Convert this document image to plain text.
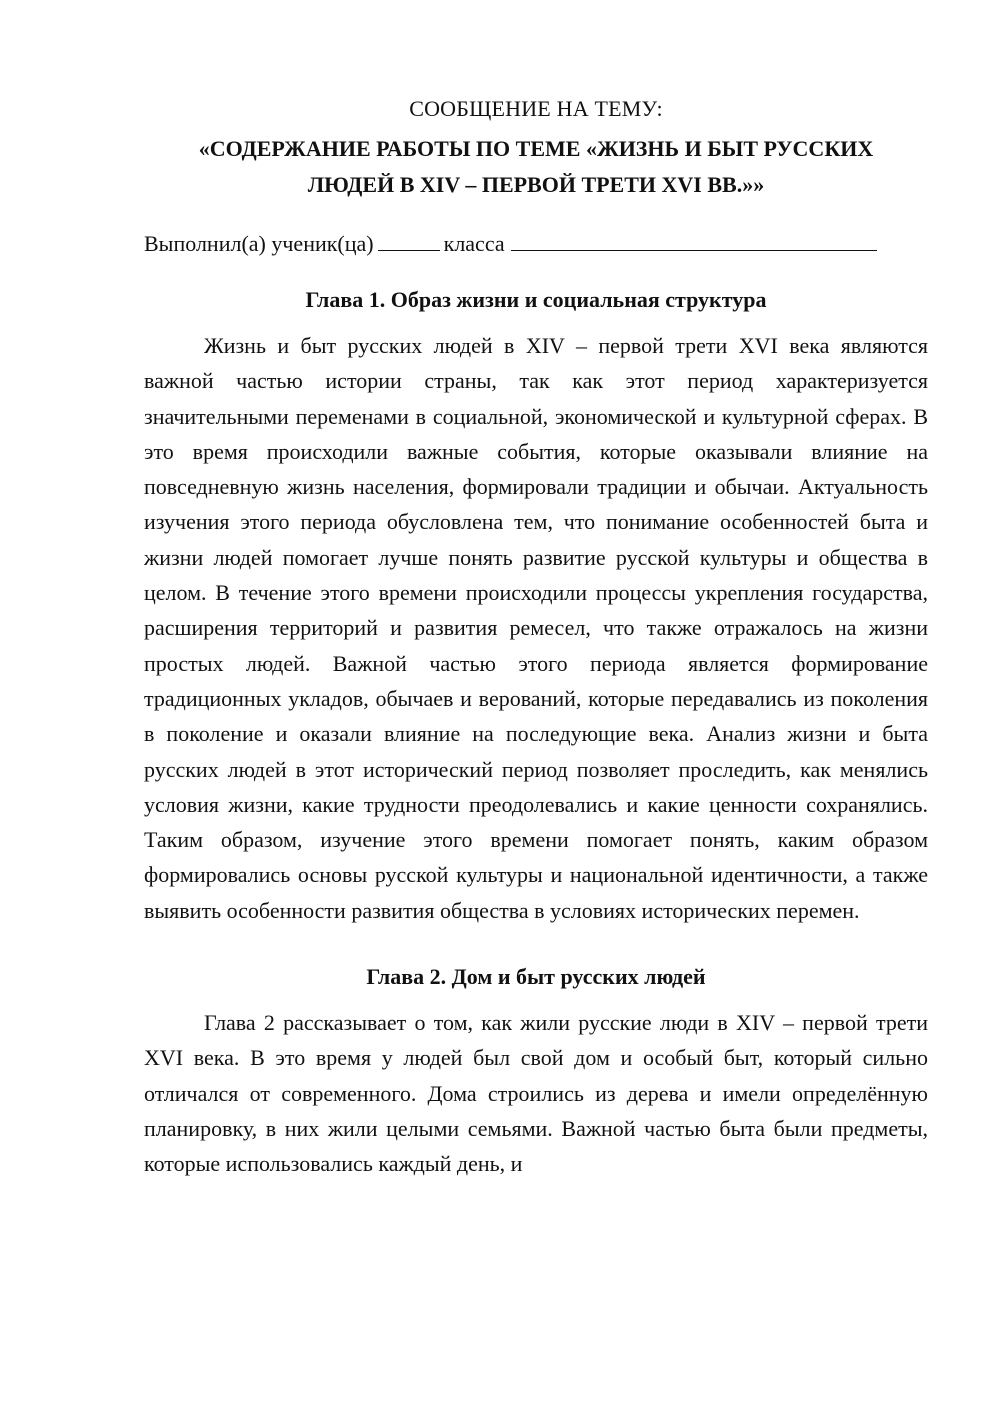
СООБЩЕНИЕ НА ТЕМУ:

«СОДЕРЖАНИЕ РАБОТЫ ПО ТЕМЕ «ЖИЗНЬ И БЫТ РУССКИХ ЛЮДЕЙ В XIV – ПЕРВОЙ ТРЕТИ XVI ВВ.»»

Выполнил(а) ученик(ца)	класса

Глава 1. Образ жизни и социальная структура

Жизнь и быт русских людей в XIV – первой трети XVI века являются важной частью истории страны, так как этот период характеризуется значительными переменами в социальной, экономической и культурной сферах. В это время происходили важные события, которые оказывали влияние на повседневную жизнь населения, формировали традиции и обычаи. Актуальность изучения этого периода обусловлена тем, что понимание особенностей быта и жизни людей помогает лучше понять развитие русской культуры и общества в целом. В течение этого времени происходили процессы укрепления государства, расширения территорий и развития ремесел, что также отражалось на жизни простых людей. Важной частью этого периода является формирование традиционных укладов, обычаев и верований, которые передавались из поколения в поколение и оказали влияние на последующие века. Анализ жизни и быта русских людей в этот исторический период позволяет проследить, как менялись условия жизни, какие трудности преодолевались и какие ценности сохранялись. Таким образом, изучение этого времени помогает понять, каким образом формировались основы русской культуры и национальной идентичности, а также выявить особенности развития общества в условиях исторических перемен.

Глава 2. Дом и быт русских людей

Глава 2 рассказывает о том, как жили русские люди в XIV – первой трети XVI века. В это время у людей был свой дом и особый быт, который сильно отличался от современного. Дома строились из дерева и имели определённую планировку, в них жили целыми семьями. Важной частью быта были предметы, которые использовались каждый день, и
